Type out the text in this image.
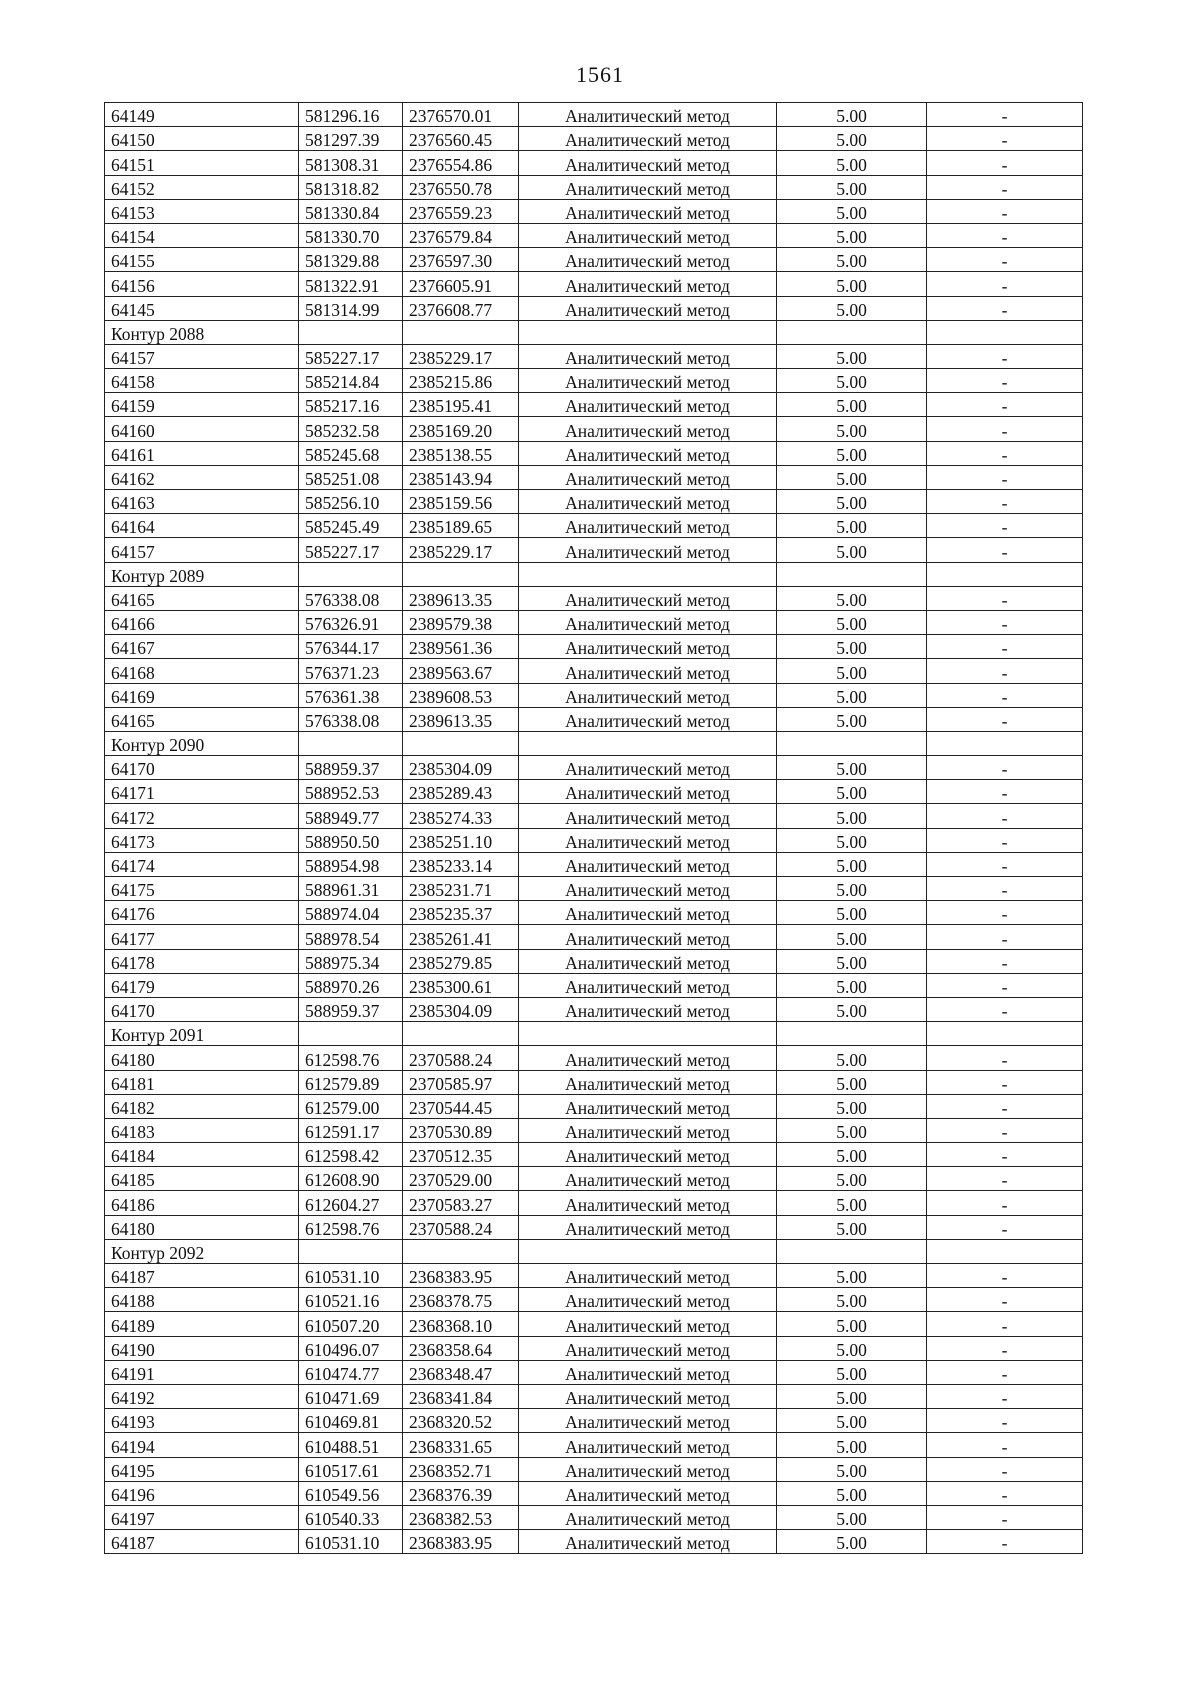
1561
64149	581296.16	2376570.01	Аналитический метод	5.00	-
64150	581297.39	2376560.45	Аналитический метод	5.00	-
64151	581308.31	2376554.86	Аналитический метод	5.00	-
64152	581318.82	2376550.78	Аналитический метод	5.00	-
64153	581330.84	2376559.23	Аналитический метод	5.00	-
64154	581330.70	2376579.84	Аналитический метод	5.00	-
64155	581329.88	2376597.30	Аналитический метод	5.00	-
64156	581322.91	2376605.91	Аналитический метод	5.00	-
64145	581314.99	2376608.77	Аналитический метод	5.00	-
Контур 2088					
64157	585227.17	2385229.17	Аналитический метод	5.00	-
64158	585214.84	2385215.86	Аналитический метод	5.00	-
64159	585217.16	2385195.41	Аналитический метод	5.00	-
64160	585232.58	2385169.20	Аналитический метод	5.00	-
64161	585245.68	2385138.55	Аналитический метод	5.00	-
64162	585251.08	2385143.94	Аналитический метод	5.00	-
64163	585256.10	2385159.56	Аналитический метод	5.00	-
64164	585245.49	2385189.65	Аналитический метод	5.00	-
64157	585227.17	2385229.17	Аналитический метод	5.00	-
Контур 2089					
64165	576338.08	2389613.35	Аналитический метод	5.00	-
64166	576326.91	2389579.38	Аналитический метод	5.00	-
64167	576344.17	2389561.36	Аналитический метод	5.00	-
64168	576371.23	2389563.67	Аналитический метод	5.00	-
64169	576361.38	2389608.53	Аналитический метод	5.00	-
64165	576338.08	2389613.35	Аналитический метод	5.00	-
Контур 2090					
64170	588959.37	2385304.09	Аналитический метод	5.00	-
64171	588952.53	2385289.43	Аналитический метод	5.00	-
64172	588949.77	2385274.33	Аналитический метод	5.00	-
64173	588950.50	2385251.10	Аналитический метод	5.00	-
64174	588954.98	2385233.14	Аналитический метод	5.00	-
64175	588961.31	2385231.71	Аналитический метод	5.00	-
64176	588974.04	2385235.37	Аналитический метод	5.00	-
64177	588978.54	2385261.41	Аналитический метод	5.00	-
64178	588975.34	2385279.85	Аналитический метод	5.00	-
64179	588970.26	2385300.61	Аналитический метод	5.00	-
64170	588959.37	2385304.09	Аналитический метод	5.00	-
Контур 2091					
64180	612598.76	2370588.24	Аналитический метод	5.00	-
64181	612579.89	2370585.97	Аналитический метод	5.00	-
64182	612579.00	2370544.45	Аналитический метод	5.00	-
64183	612591.17	2370530.89	Аналитический метод	5.00	-
64184	612598.42	2370512.35	Аналитический метод	5.00	-
64185	612608.90	2370529.00	Аналитический метод	5.00	-
64186	612604.27	2370583.27	Аналитический метод	5.00	-
64180	612598.76	2370588.24	Аналитический метод	5.00	-
Контур 2092					
64187	610531.10	2368383.95	Аналитический метод	5.00	-
64188	610521.16	2368378.75	Аналитический метод	5.00	-
64189	610507.20	2368368.10	Аналитический метод	5.00	-
64190	610496.07	2368358.64	Аналитический метод	5.00	-
64191	610474.77	2368348.47	Аналитический метод	5.00	-
64192	610471.69	2368341.84	Аналитический метод	5.00	-
64193	610469.81	2368320.52	Аналитический метод	5.00	-
64194	610488.51	2368331.65	Аналитический метод	5.00	-
64195	610517.61	2368352.71	Аналитический метод	5.00	-
64196	610549.56	2368376.39	Аналитический метод	5.00	-
64197	610540.33	2368382.53	Аналитический метод	5.00	-
64187	610531.10	2368383.95	Аналитический метод	5.00	-
